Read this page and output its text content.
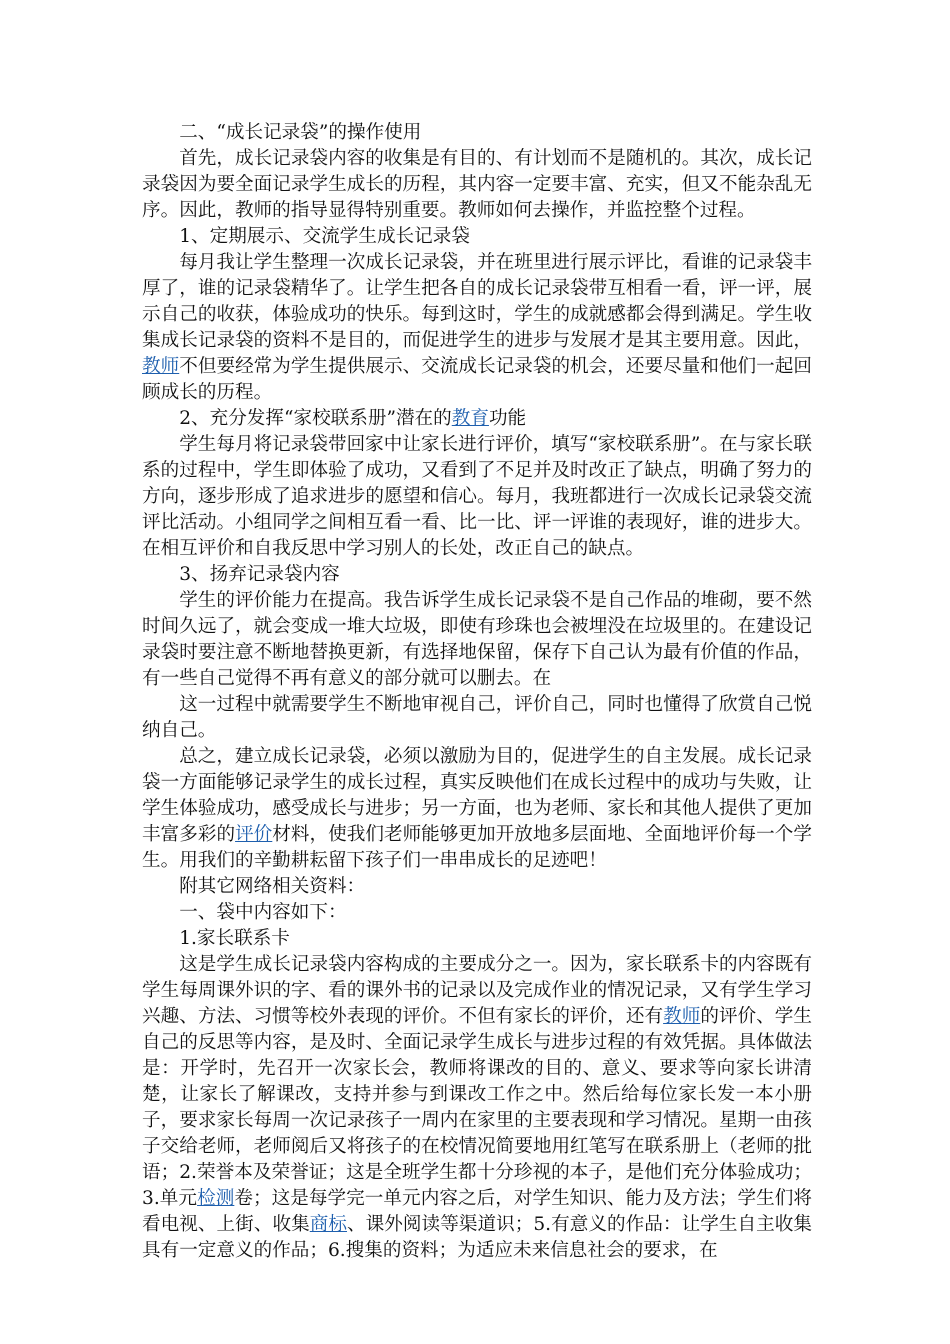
二、“成长记录袋”的操作使用

首先，成长记录袋内容的收集是有目的、有计划而不是随机的。其次，成长记录袋因为要全面记录学生成长的历程，其内容一定要丰富、充实，但又不能杂乱无序。因此，教师的指导显得特别重要。教师如何去操作，并监控整个过程。

1、定期展示、交流学生成长记录袋

每月我让学生整理一次成长记录袋，并在班里进行展示评比，看谁的记录袋丰厚了，谁的记录袋精华了。让学生把各自的成长记录袋带互相看一看，评一评，展示自己的收获，体验成功的快乐。每到这时，学生的成就感都会得到满足。学生收集成长记录袋的资料不是目的，而促进学生的进步与发展才是其主要用意。因此，教师不但要经常为学生提供展示、交流成长记录袋的机会，还要尽量和他们一起回顾成长的历程。

2、充分发挥“家校联系册”潜在的教育功能

学生每月将记录袋带回家中让家长进行评价，填写“家校联系册”。在与家长联系的过程中，学生即体验了成功，又看到了不足并及时改正了缺点，明确了努力的方向，逐步形成了追求进步的愿望和信心。每月，我班都进行一次成长记录袋交流评比活动。小组同学之间相互看一看、比一比、评一评谁的表现好，谁的进步大。在相互评价和自我反思中学习别人的长处，改正自己的缺点。

3、扬弃记录袋内容

学生的评价能力在提高。我告诉学生成长记录袋不是自己作品的堆砌，要不然时间久远了，就会变成一堆大垃圾，即使有珍珠也会被埋没在垃圾里的。在建设记录袋时要注意不断地替换更新，有选择地保留，保存下自己认为最有价值的作品，有一些自己觉得不再有意义的部分就可以删去。在

这一过程中就需要学生不断地审视自己，评价自己，同时也懂得了欣赏自己悦纳自己。

总之，建立成长记录袋，必须以激励为目的，促进学生的自主发展。成长记录袋一方面能够记录学生的成长过程，真实反映他们在成长过程中的成功与失败，让学生体验成功，感受成长与进步；另一方面，也为老师、家长和其他人提供了更加丰富多彩的评价材料，使我们老师能够更加开放地多层面地、全面地评价每一个学生。用我们的辛勤耕耘留下孩子们一串串成长的足迹吧！

附其它网络相关资料：

一、袋中内容如下：

1.家长联系卡

这是学生成长记录袋内容构成的主要成分之一。因为，家长联系卡的内容既有学生每周课外识的字、看的课外书的记录以及完成作业的情况记录，又有学生学习兴趣、方法、习惯等校外表现的评价。不但有家长的评价，还有教师的评价、学生自己的反思等内容，是及时、全面记录学生成长与进步过程的有效凭据。具体做法是：开学时，先召开一次家长会，教师将课改的目的、意义、要求等向家长讲清楚，让家长了解课改，支持并参与到课改工作之中。然后给每位家长发一本小册子，要求家长每周一次记录孩子一周内在家里的主要表现和学习情况。星期一由孩子交给老师，老师阅后又将孩子的在校情况简要地用红笔写在联系册上（老师的批语；2.荣誉本及荣誉证；这是全班学生都十分珍视的本子，是他们充分体验成功；3.单元检测卷；这是每学完一单元内容之后，对学生知识、能力及方法；学生们将看电视、上街、收集商标、课外阅读等渠道识；5.有意义的作品：让学生自主收集具有一定意义的作品；6.搜集的资料；为适应未来信息社会的要求，在
